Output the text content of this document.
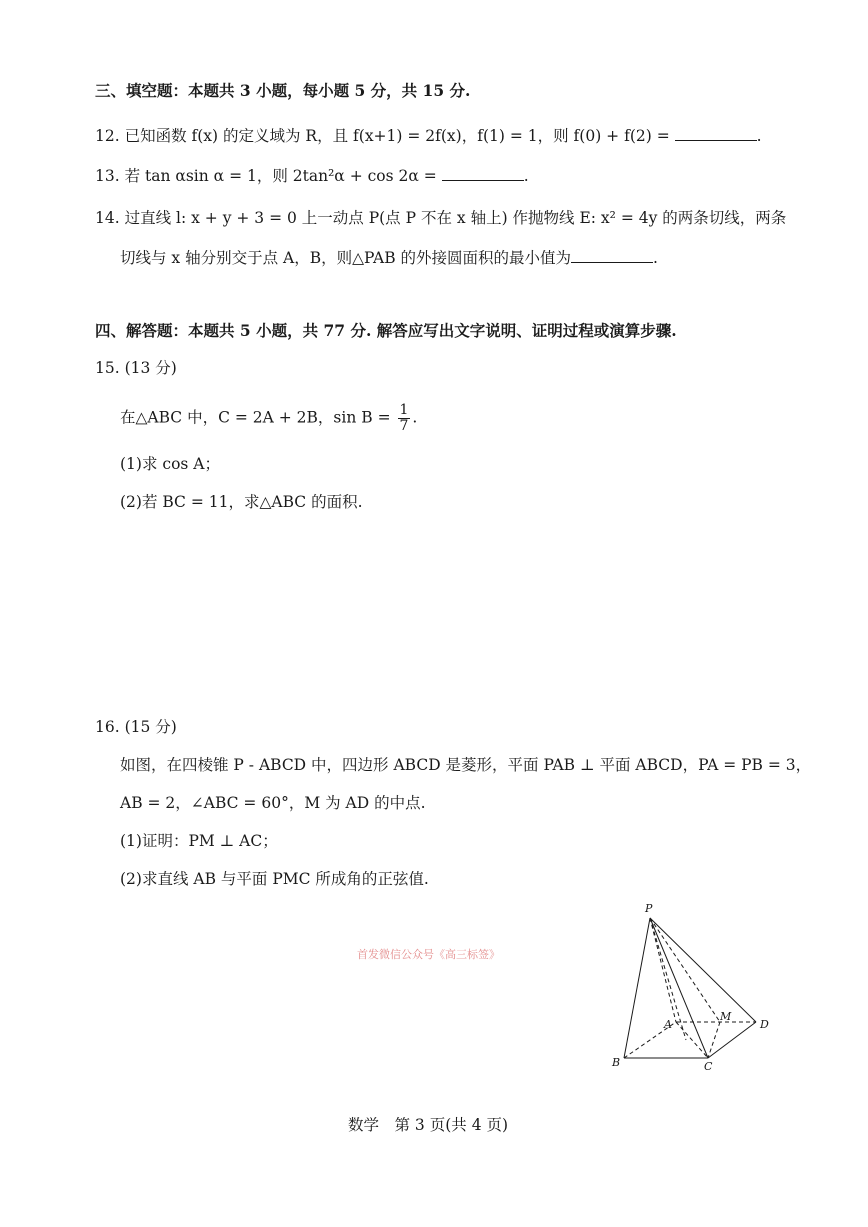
三、填空题：本题共 3 小题，每小题 5 分，共 15 分.
12. 已知函数 f(x) 的定义域为 R，且 f(x+1) = 2f(x)，f(1) = 1，则 f(0) + f(2) =	.
13. 若 tan αsin α = 1，则 2tan²α + cos 2α =	.
14. 过直线 l: x + y + 3 = 0 上一动点 P(点 P 不在 x 轴上) 作抛物线 E: x² = 4y 的两条切线，两条
切线与 x 轴分别交于点 A，B，则△PAB 的外接圆面积的最小值为	.
四、解答题：本题共 5 小题，共 77 分. 解答应写出文字说明、证明过程或演算步骤.
15. (13 分)
在△ABC 中，C = 2A + 2B，$\sin B = \frac{1}{7}$ .
(1)求 cos A；
(2)若 BC = 11，求△ABC 的面积.
16. (15 分)
如图，在四棱锥 P - ABCD 中，四边形 ABCD 是菱形，平面 PAB ⊥ 平面 ABCD，PA = PB = 3，
AB = 2，∠ABC = 60°，M 为 AD 的中点.
(1)证明：PM ⊥ AC；
(2)求直线 AB 与平面 PMC 所成角的正弦值.
首发微信公众号《高三标签》
P
A
M
D
B	C
数学　第 3 页(共 4 页)
